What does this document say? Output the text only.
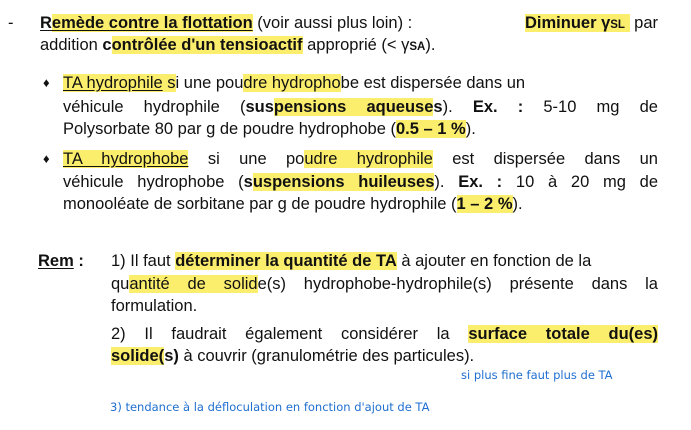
- Remède contre la flottation (voir aussi plus loin) :	Diminuer γSL  par
addition contrôlée d'un tensioactif approprié (< γSA).
♦ TA hydrophile si une poudre hydrophobe est dispersée dans un
véhicule hydrophile (suspensions aqueuses). Ex. : 5-10 mg de
Polysorbate 80 par g de poudre hydrophobe (0.5 – 1 %).
♦ TA hydrophobe si une poudre hydrophile est dispersée dans un
véhicule hydrophobe (suspensions huileuses). Ex. : 10 à 20 mg de
monooléate de sorbitane par g de poudre hydrophile (1 – 2 %).
Rem : 1) Il faut déterminer la quantité de TA à ajouter en fonction de la
quantité de solide(s) hydrophobe-hydrophile(s) présente dans la
formulation.
2) Il faudrait également considérer la surface totale du(es)
solide(s) à couvrir (granulométrie des particules).
si plus fine faut plus de TA
3) tendance à la défloculation en fonction d'ajout de TA
